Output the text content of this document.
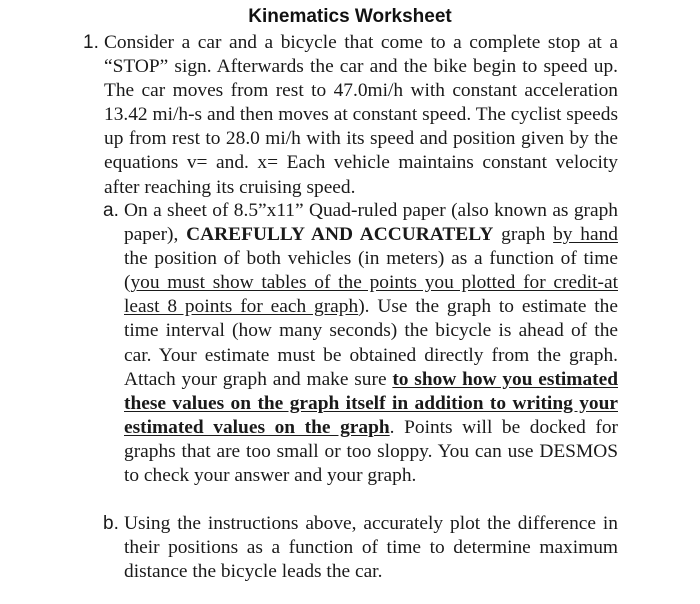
Kinematics Worksheet
1. Consider a car and a bicycle that come to a complete stop at a “STOP” sign. Afterwards the car and the bike begin to speed up. The car moves from rest to 47.0mi/h with constant acceleration 13.42 mi/h-s and then moves at constant speed. The cyclist speeds up from rest to 28.0 mi/h with its speed and position given by the equations v= and. x= Each vehicle maintains constant velocity after reaching its cruising speed.

a. On a sheet of 8.5”x11” Quad-ruled paper (also known as graph paper), CAREFULLY AND ACCURATELY graph by hand the position of both vehicles (in meters) as a function of time (you must show tables of the points you plotted for credit-at least 8 points for each graph). Use the graph to estimate the time interval (how many seconds) the bicycle is ahead of the car. Your estimate must be obtained directly from the graph. Attach your graph and make sure to show how you estimated these values on the graph itself in addition to writing your estimated values on the graph. Points will be docked for graphs that are too small or too sloppy. You can use DESMOS to check your answer and your graph.

b. Using the instructions above, accurately plot the difference in their positions as a function of time to determine maximum distance the bicycle leads the car.
